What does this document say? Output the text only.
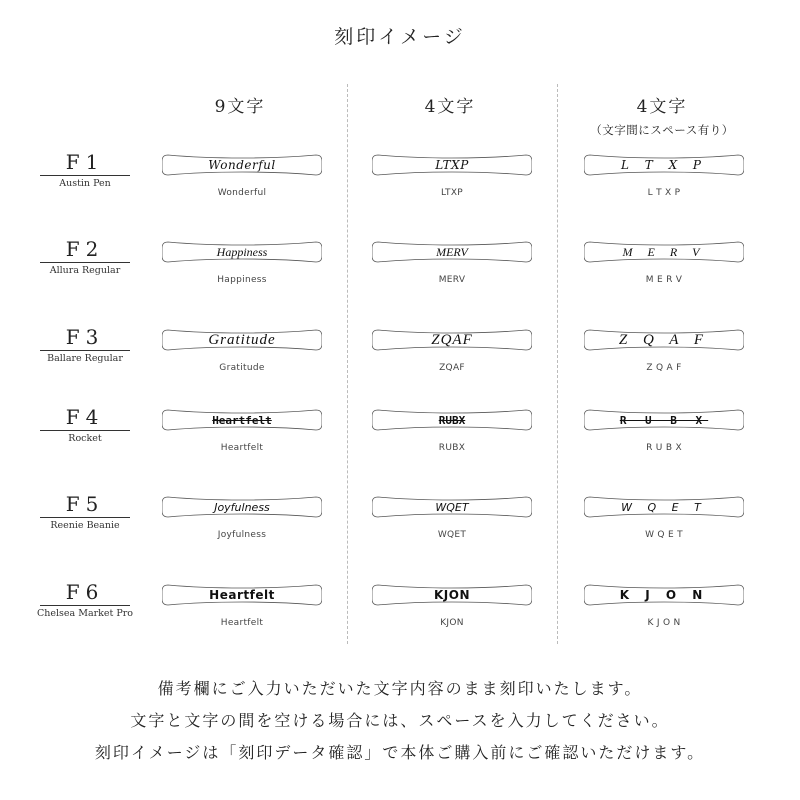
刻印イメージ
9文字	4文字	4文字
（文字間にスペース有り）
F1
Austin Pen
Wonderful
Wonderful
LTXP
LTXP
L T X P
L T X P
F2
Allura Regular
Happiness
Happiness
MERV
MERV
M E R V
M E R V
F3
Ballare Regular
Gratitude
Gratitude
ZQAF
ZQAF
Z Q A F
Z Q A F
F4
Rocket
Heartfelt
Heartfelt
RUBX
RUBX
R U B X
R U B X
F5
Reenie Beanie
Joyfulness
Joyfulness
WQET
WQET
W Q E T
W Q E T
F6
Chelsea Market Pro
Heartfelt
Heartfelt
KJON
KJON
K J O N
K J O N
備考欄にご入力いただいた文字内容のまま刻印いたします。
文字と文字の間を空ける場合には、スペースを入力してください。
刻印イメージは「刻印データ確認」で本体ご購入前にご確認いただけます。
